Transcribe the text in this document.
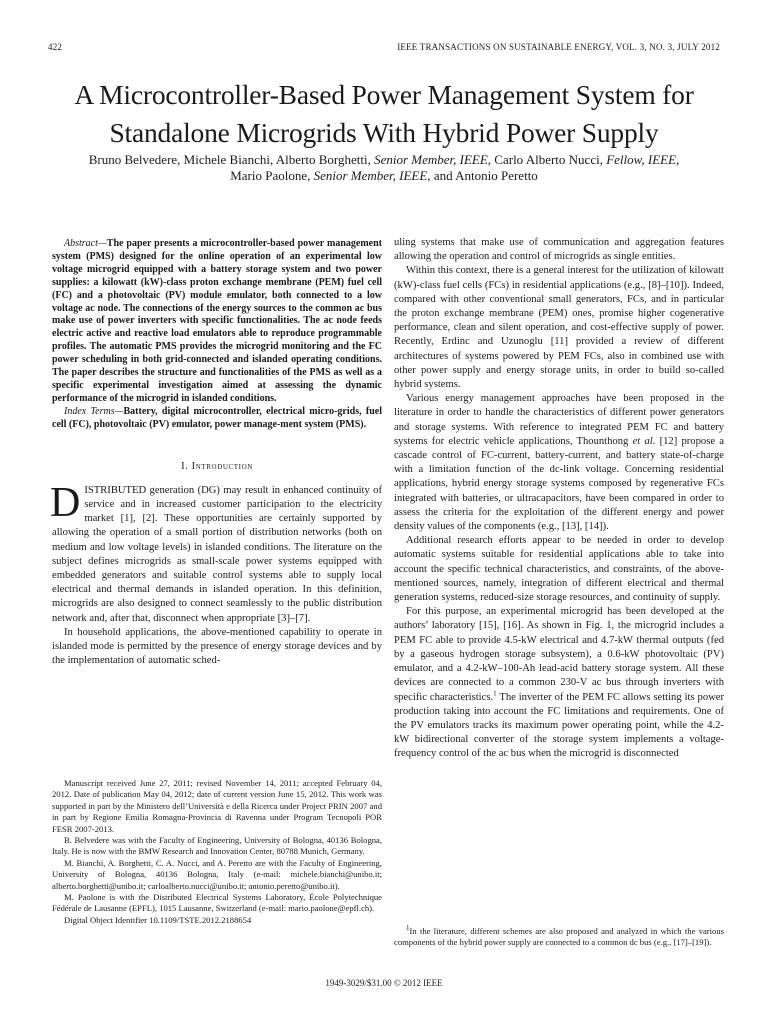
422	IEEE TRANSACTIONS ON SUSTAINABLE ENERGY, VOL. 3, NO. 3, JULY 2012
A Microcontroller-Based Power Management System for Standalone Microgrids With Hybrid Power Supply
Bruno Belvedere, Michele Bianchi, Alberto Borghetti, Senior Member, IEEE, Carlo Alberto Nucci, Fellow, IEEE,
Mario Paolone, Senior Member, IEEE, and Antonio Peretto

Abstract—The paper presents a microcontroller-based power management system (PMS) designed for the online operation of an experimental low voltage microgrid equipped with a battery storage system and two power supplies: a kilowatt (kW)-class proton exchange membrane (PEM) fuel cell (FC) and a photovoltaic (PV) module emulator, both connected to a low voltage ac node. The connections of the energy sources to the common ac bus make use of power inverters with specific functionalities. The ac node feeds electric active and reactive load emulators able to reproduce programmable profiles. The automatic PMS provides the microgrid monitoring and the FC power scheduling in both grid-connected and islanded operating conditions. The paper describes the structure and functionalities of the PMS as well as a specific experimental investigation aimed at assessing the dynamic performance of the microgrid in islanded conditions.

Index Terms—Battery, digital microcontroller, electrical micro-grids, fuel cell (FC), photovoltaic (PV) emulator, power manage-ment system (PMS).

I. Introduction

DISTRIBUTED generation (DG) may result in enhanced continuity of service and in increased customer participation to the electricity market [1], [2]. These opportunities are certainly supported by allowing the operation of a small portion of distribution networks (both on medium and low voltage levels) in islanded conditions. The literature on the subject defines microgrids as small-scale power systems equipped with embedded generators and suitable control systems able to supply local electrical and thermal demands in islanded operation. In this definition, microgrids are also designed to connect seamlessly to the public distribution network and, after that, disconnect when appropriate [3]–[7].

In household applications, the above-mentioned capability to operate in islanded mode is permitted by the presence of energy storage devices and by the implementation of automatic sched-

Manuscript received June 27, 2011; revised November 14, 2011; accepted February 04, 2012. Date of publication May 04, 2012; date of current version June 15, 2012. This work was supported in part by the Ministero dell’Università e della Ricerca under Project PRIN 2007 and in part by Regione Emilia Romagna-Provincia di Ravenna under Program Tecnopoli POR FESR 2007-2013.

B. Belvedere was with the Faculty of Engineering, University of Bologna, 40136 Bologna, Italy. He is now with the BMW Research and Innovation Center, 80788 Munich, Germany.

M. Bianchi, A. Borghetti, C. A. Nucci, and A. Peretto are with the Faculty of Engineering, University of Bologna, 40136 Bologna, Italy (e-mail: michele.bianchi@unibo.it; alberto.borghetti@unibo.it; carloalberto.nucci@unibo.it; antonio.peretto@unibo.it).

M. Paolone is with the Distributed Electrical Systems Laboratory, École Polytechnique Fédérale de Lausanne (EPFL), 1015 Lausanne, Switzerland (e-mail: mario.paolone@epfl.ch).

Digital Object Identifier 10.1109/TSTE.2012.2188654

uling systems that make use of communication and aggregation features allowing the operation and control of microgrids as single entities.

Within this context, there is a general interest for the utilization of kilowatt (kW)-class fuel cells (FCs) in residential applications (e.g., [8]–[10]). Indeed, compared with other conventional small generators, FCs, and in particular the proton exchange membrane (PEM) ones, promise higher cogenerative performance, clean and silent operation, and cost-effective supply of power. Recently, Erdinc and Uzunoglu [11] provided a review of different architectures of systems powered by PEM FCs, also in combined use with other power supply and energy storage units, in order to build so-called hybrid systems.

Various energy management approaches have been proposed in the literature in order to handle the characteristics of different power generators and storage systems. With reference to integrated PEM FC and battery systems for electric vehicle applications, Thounthong et al. [12] propose a cascade control of FC-current, battery-current, and battery state-of-charge with a limitation function of the dc-link voltage. Concerning residential applications, hybrid energy storage systems composed by regenerative FCs integrated with batteries, or ultracapacitors, have been compared in order to assess the criteria for the exploitation of the different energy and power density values of the components (e.g., [13], [14]).

Additional research efforts appear to be needed in order to develop automatic systems suitable for residential applications able to take into account the specific technical characteristics, and constraints, of the above-mentioned sources, namely, integration of different electrical and thermal generation systems, reduced-size storage resources, and continuity of supply.

For this purpose, an experimental microgrid has been developed at the authors’ laboratory [15], [16]. As shown in Fig. 1, the microgrid includes a PEM FC able to provide 4.5-kW electrical and 4.7-kW thermal outputs (fed by a gaseous hydrogen storage subsystem), a 0.6-kW photovoltaic (PV) emulator, and a 4.2-kW–100-Ah lead-acid battery storage system. All these devices are connected to a common 230-V ac bus through inverters with specific characteristics.$^1$ The inverter of the PEM FC allows setting its power production taking into account the FC limitations and requirements. One of the PV emulators tracks its maximum power operating point, while the 4.2-kW bidirectional converter of the storage system implements a voltage-frequency control of the ac bus when the microgrid is disconnected

$^1$In the literature, different schemes are also proposed and analyzed in which the various components of the hybrid power supply are connected to a common dc bus (e.g., [17]–[19]).

1949-3029/$31.00 © 2012 IEEE
